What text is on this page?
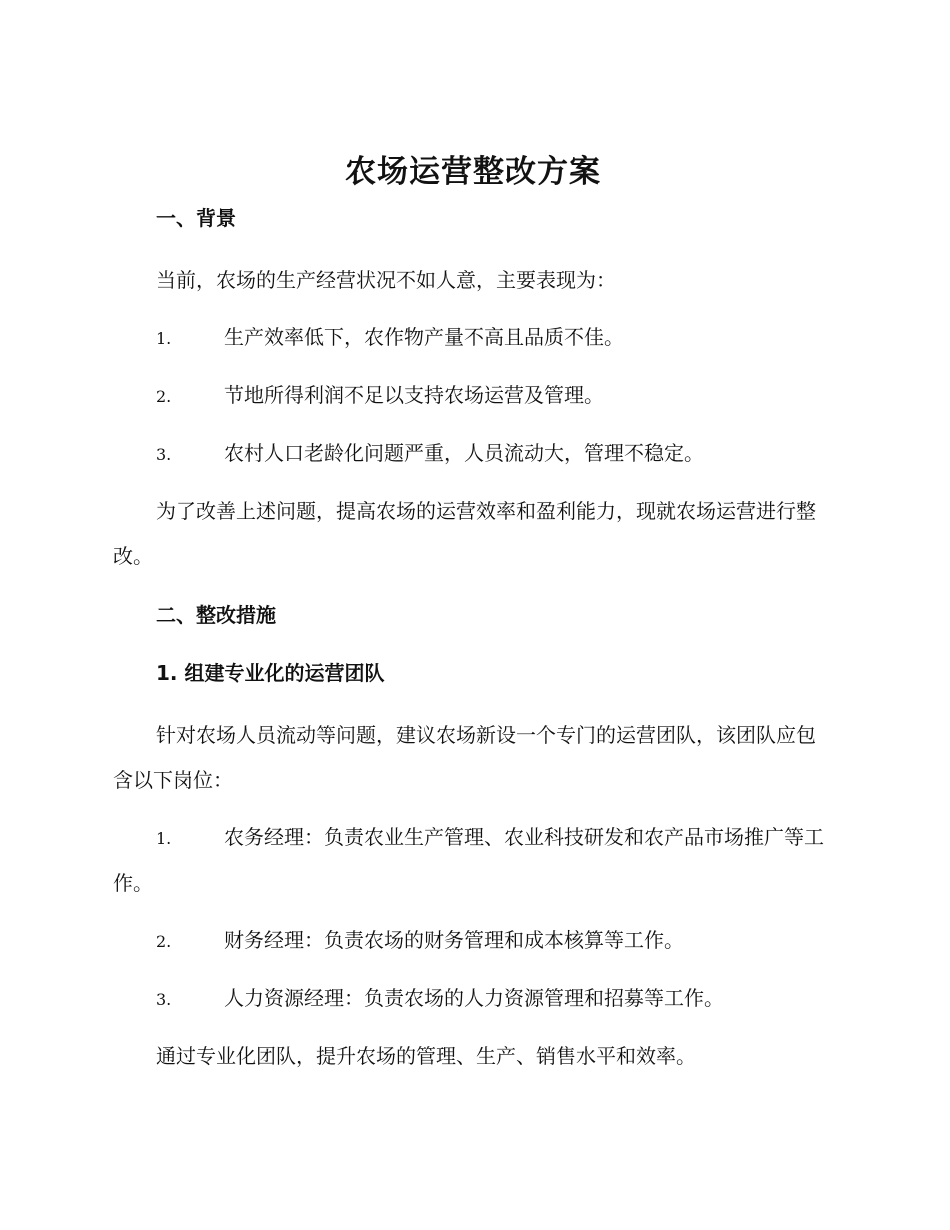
农场运营整改方案
一、背景
当前，农场的生产经营状况不如人意，主要表现为：
1.	生产效率低下，农作物产量不高且品质不佳。
2.	节地所得利润不足以支持农场运营及管理。
3.	农村人口老龄化问题严重，人员流动大，管理不稳定。
为了改善上述问题，提高农场的运营效率和盈利能力，现就农场运营进行整改。
二、整改措施
1. 组建专业化的运营团队
针对农场人员流动等问题，建议农场新设一个专门的运营团队，该团队应包含以下岗位：
1.	农务经理：负责农业生产管理、农业科技研发和农产品市场推广等工作。
2.	财务经理：负责农场的财务管理和成本核算等工作。
3.	人力资源经理：负责农场的人力资源管理和招募等工作。
通过专业化团队，提升农场的管理、生产、销售水平和效率。
